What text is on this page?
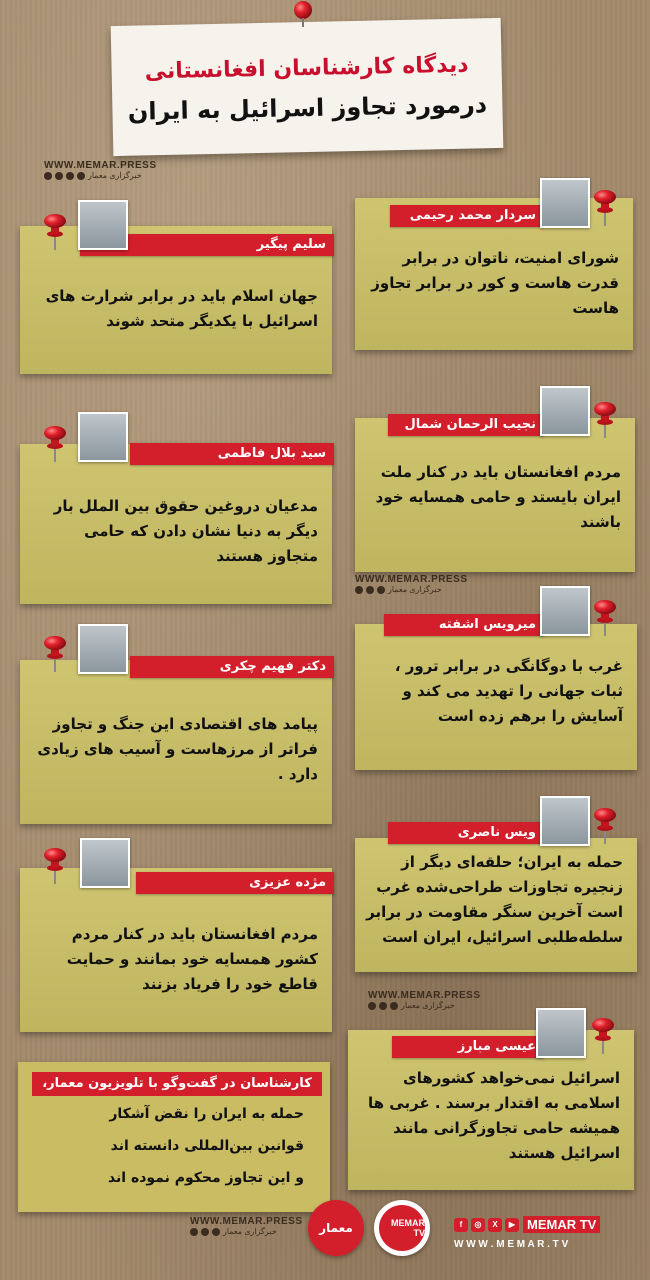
دیدگاه کارشناسان افغانستانی
درمورد تجاوز اسرائیل به ایران
WWW.MEMAR.PRESS
خبرگزاری معمار
شورای امنیت، ناتوان در برابر قدرت هاست و کور در برابر تجاوز هاست
سردار محمد رحیمی
جهان اسلام باید در برابر شرارت های اسرائیل با یکدیگر متحد شوند
سلیم پیگیر
مردم افغانستان باید در کنار ملت ایران بایستد و حامی همسایه خود باشند
نجیب الرحمان شمال
مدعیان دروغین حقوق بین الملل بار دیگر به دنیا نشان دادن که حامی متجاوز هستند
سید بلال فاطمی
WWW.MEMAR.PRESS
خبرگزاری معمار
غرب با دوگانگی در برابر ترور ، ثبات جهانی را تهدید می کند و آسایش را برهم زده است
میرویس اشفته
پیامد های اقتصادی این جنگ و تجاوز فراتر از مرزهاست و آسیب های زیادی دارد .
دکتر فهیم چکری
حمله به ایران؛ حلقه‌ای دیگر از زنجیره تجاوزات طراحی‌شده غرب است آخرین سنگر مقاومت در برابر سلطه‌طلبی اسرائیل، ایران است
ویس ناصری
مردم افغانستان باید در کنار مردم کشور همسایه خود بمانند و حمایت قاطع خود را فریاد بزنند
مژده عزیزی
WWW.MEMAR.PRESS
خبرگزاری معمار
اسرائیل نمی‌خواهد کشورهای اسلامی به اقتدار برسند . غربی ها همیشه حامی تجاوزگرانی مانند اسرائیل هستند
عیسی مبارز
کارشناسان در گفت‌وگو با تلویزیون معمار،
حمله به ایران را نقض آشکار
قوانین بین‌المللی دانسته اند
و این تجاوز محکوم نموده اند
WWW.MEMAR.PRESS
خبرگزاری معمار	معمار	MEMAR TV
f	◎	X	▶ MEMAR TV
W W W . M E M A R . T V
